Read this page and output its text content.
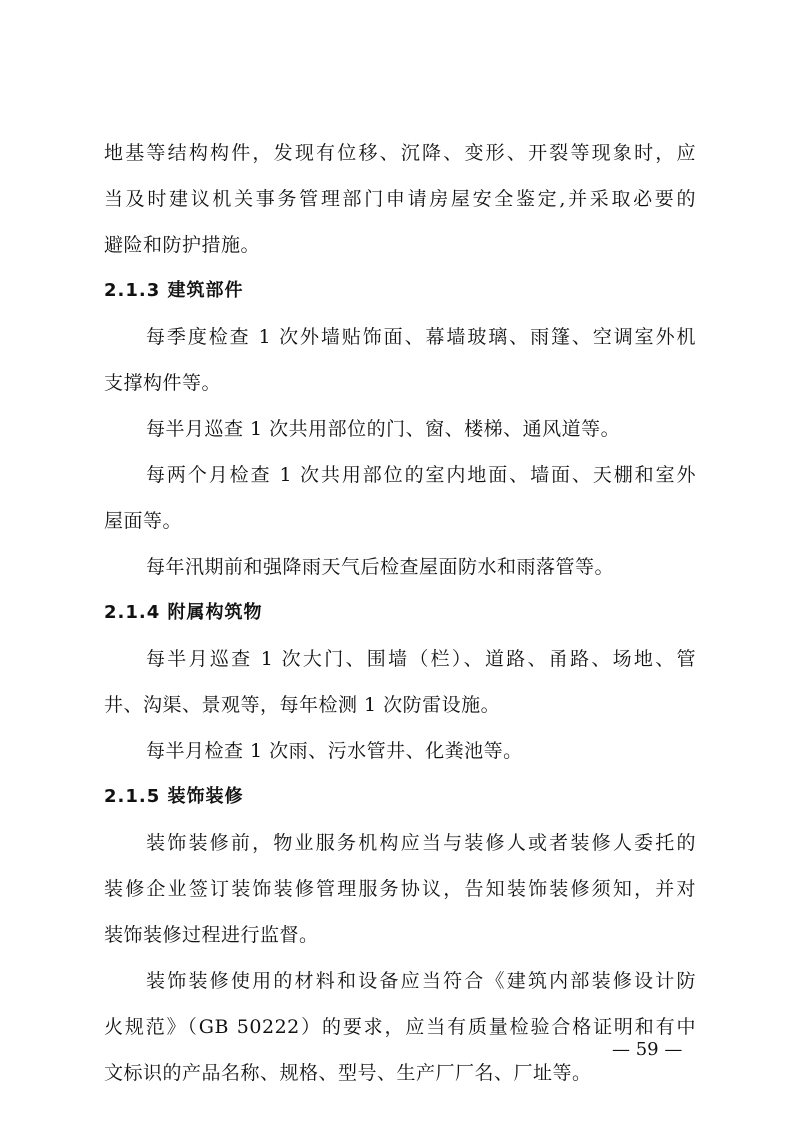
地基等结构构件，发现有位移、沉降、变形、开裂等现象时，应
当及时建议机关事务管理部门申请房屋安全鉴定,并采取必要的
避险和防护措施。
2.1.3 建筑部件
每季度检查 1 次外墙贴饰面、幕墙玻璃、雨篷、空调室外机
支撑构件等。
每半月巡查 1 次共用部位的门、窗、楼梯、通风道等。
每两个月检查 1 次共用部位的室内地面、墙面、天棚和室外
屋面等。
每年汛期前和强降雨天气后检查屋面防水和雨落管等。
2.1.4 附属构筑物
每半月巡查 1 次大门、围墙（栏）、道路、甬路、场地、管
井、沟渠、景观等，每年检测 1 次防雷设施。
每半月检查 1 次雨、污水管井、化粪池等。
2.1.5 装饰装修
装饰装修前，物业服务机构应当与装修人或者装修人委托的
装修企业签订装饰装修管理服务协议，告知装饰装修须知，并对
装饰装修过程进行监督。
装饰装修使用的材料和设备应当符合《建筑内部装修设计防
火规范》（GB 50222）的要求，应当有质量检验合格证明和有中
文标识的产品名称、规格、型号、生产厂厂名、厂址等。
— 59 —
